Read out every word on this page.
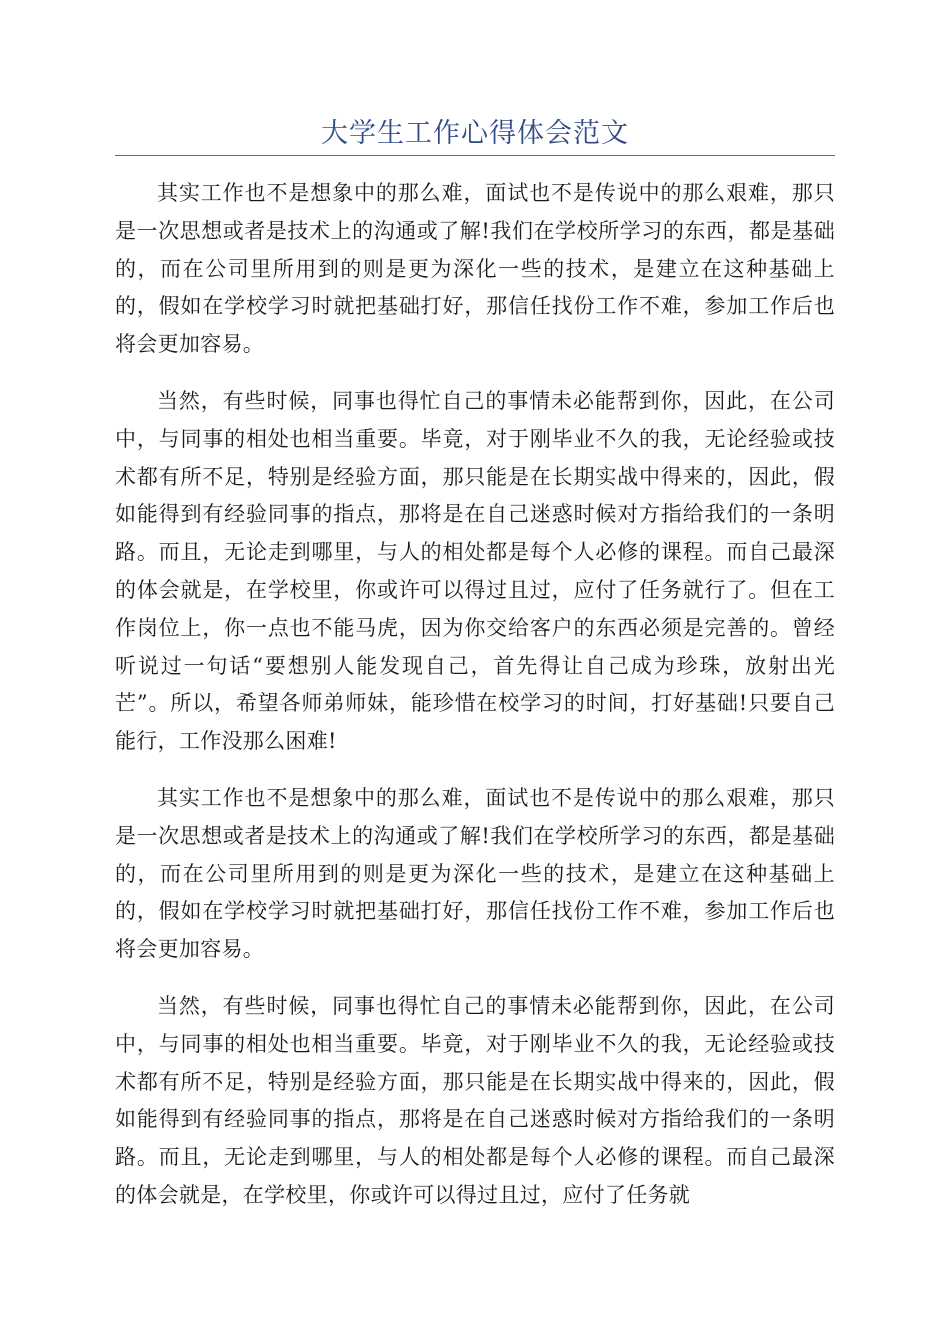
大学生工作心得体会范文

其实工作也不是想象中的那么难，面试也不是传说中的那么艰难，那只是一次思想或者是技术上的沟通或了解!我们在学校所学习的东西，都是基础的，而在公司里所用到的则是更为深化一些的技术，是建立在这种基础上的，假如在学校学习时就把基础打好，那信任找份工作不难，参加工作后也将会更加容易。

当然，有些时候，同事也得忙自己的事情未必能帮到你，因此，在公司中，与同事的相处也相当重要。毕竟，对于刚毕业不久的我，无论经验或技术都有所不足，特别是经验方面，那只能是在长期实战中得来的，因此，假如能得到有经验同事的指点，那将是在自己迷惑时候对方指给我们的一条明路。而且，无论走到哪里，与人的相处都是每个人必修的课程。而自己最深的体会就是，在学校里，你或许可以得过且过，应付了任务就行了。但在工作岗位上，你一点也不能马虎，因为你交给客户的东西必须是完善的。曾经听说过一句话“要想别人能发现自己，首先得让自己成为珍珠，放射出光芒”。所以，希望各师弟师妹，能珍惜在校学习的时间，打好基础!只要自己能行，工作没那么困难!

其实工作也不是想象中的那么难，面试也不是传说中的那么艰难，那只是一次思想或者是技术上的沟通或了解!我们在学校所学习的东西，都是基础的，而在公司里所用到的则是更为深化一些的技术，是建立在这种基础上的，假如在学校学习时就把基础打好，那信任找份工作不难，参加工作后也将会更加容易。

当然，有些时候，同事也得忙自己的事情未必能帮到你，因此，在公司中，与同事的相处也相当重要。毕竟，对于刚毕业不久的我，无论经验或技术都有所不足，特别是经验方面，那只能是在长期实战中得来的，因此，假如能得到有经验同事的指点，那将是在自己迷惑时候对方指给我们的一条明路。而且，无论走到哪里，与人的相处都是每个人必修的课程。而自己最深的体会就是，在学校里，你或许可以得过且过，应付了任务就
